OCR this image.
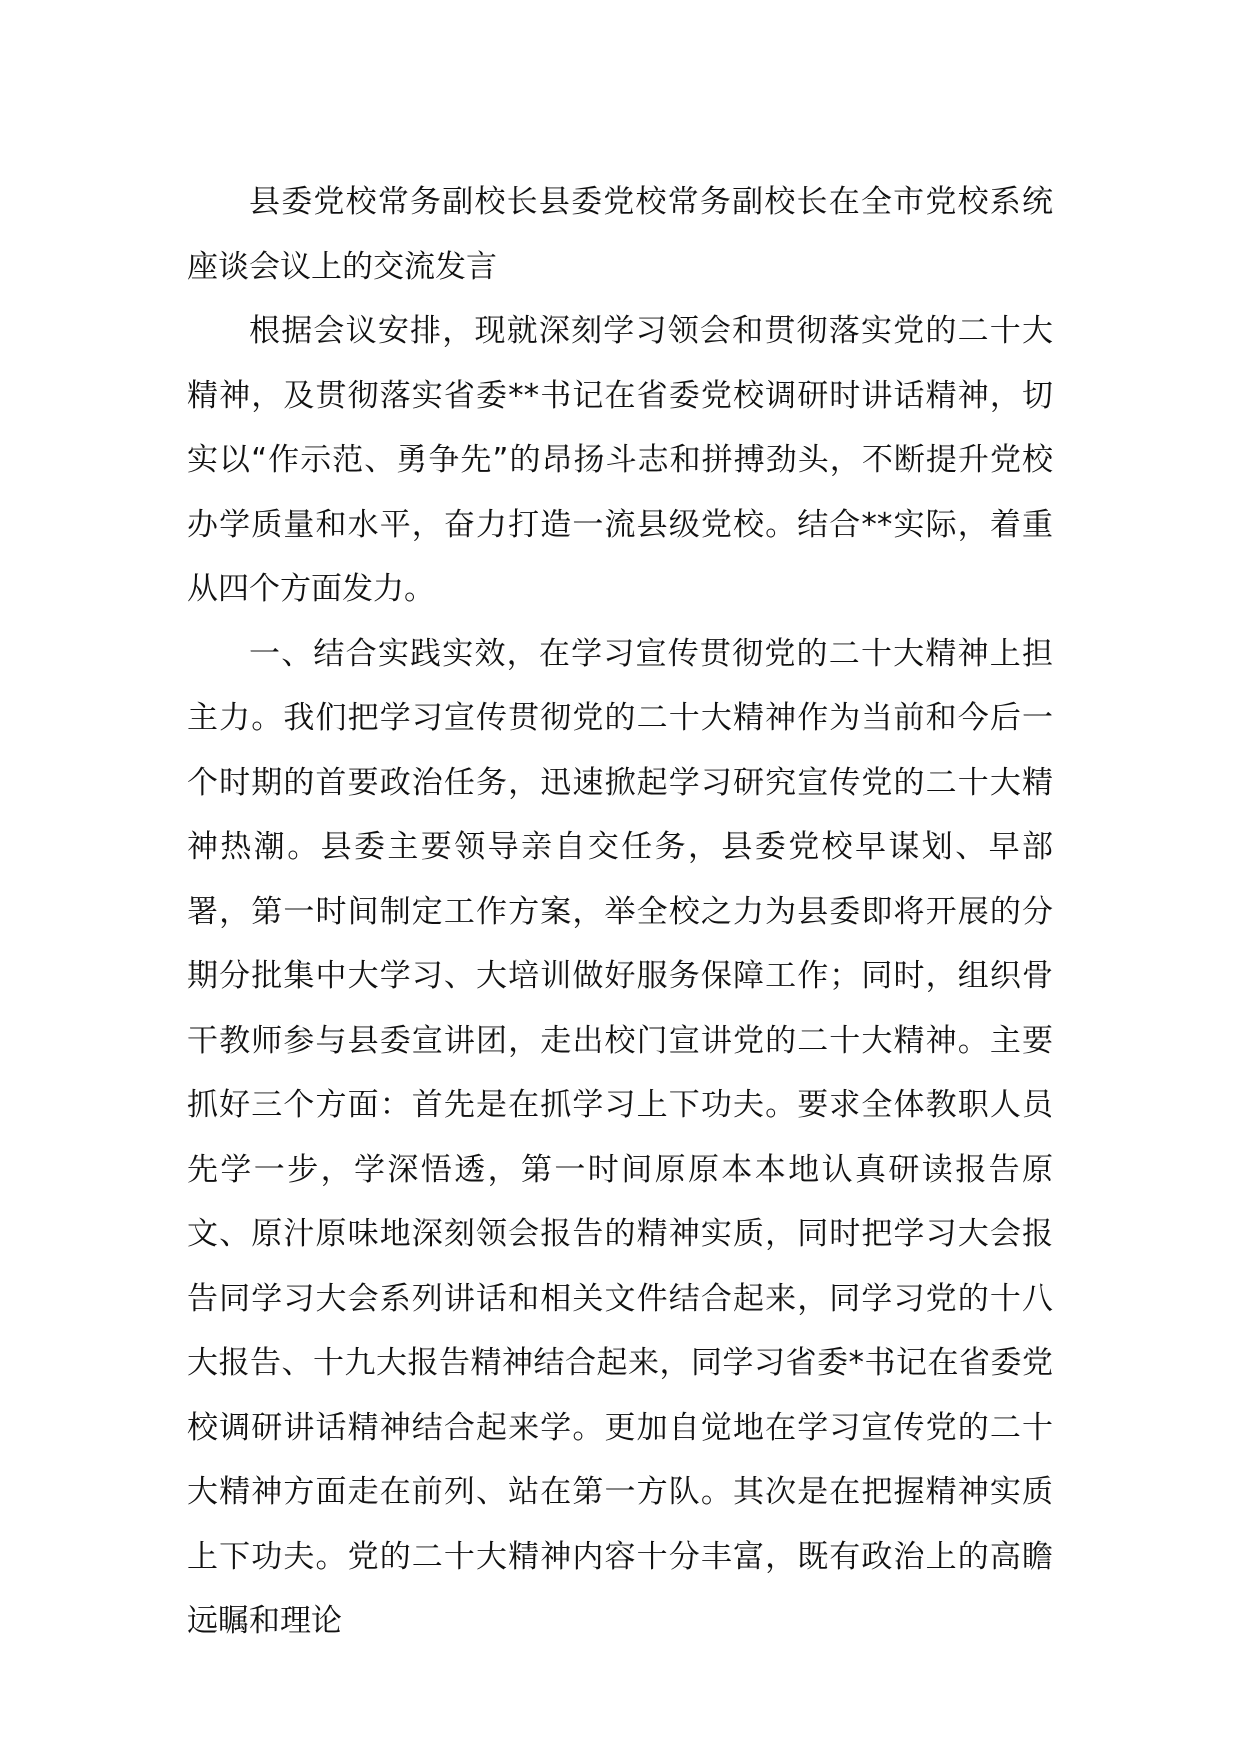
县委党校常务副校长县委党校常务副校长在全市党校系统座谈会议上的交流发言

根据会议安排，现就深刻学习领会和贯彻落实党的二十大精神，及贯彻落实省委**书记在省委党校调研时讲话精神，切实以“作示范、勇争先”的昂扬斗志和拼搏劲头，不断提升党校办学质量和水平，奋力打造一流县级党校。结合**实际，着重从四个方面发力。

一、结合实践实效，在学习宣传贯彻党的二十大精神上担主力。我们把学习宣传贯彻党的二十大精神作为当前和今后一个时期的首要政治任务，迅速掀起学习研究宣传党的二十大精神热潮。县委主要领导亲自交任务，县委党校早谋划、早部署，第一时间制定工作方案，举全校之力为县委即将开展的分期分批集中大学习、大培训做好服务保障工作；同时，组织骨干教师参与县委宣讲团，走出校门宣讲党的二十大精神。主要抓好三个方面：首先是在抓学习上下功夫。要求全体教职人员先学一步，学深悟透，第一时间原原本本地认真研读报告原文、原汁原味地深刻领会报告的精神实质，同时把学习大会报告同学习大会系列讲话和相关文件结合起来，同学习党的十八大报告、十九大报告精神结合起来，同学习省委*书记在省委党校调研讲话精神结合起来学。更加自觉地在学习宣传党的二十大精神方面走在前列、站在第一方队。其次是在把握精神实质上下功夫。党的二十大精神内容十分丰富，既有政治上的高瞻远瞩和理论
